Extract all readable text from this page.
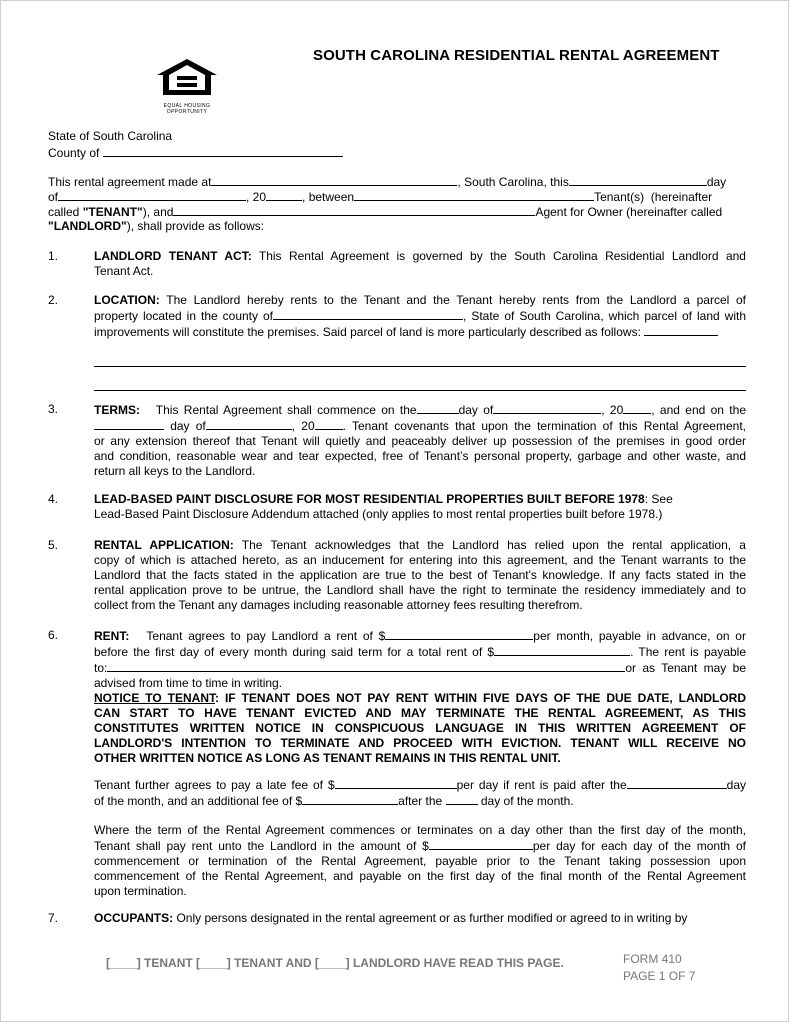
SOUTH CAROLINA RESIDENTIAL RENTAL AGREEMENT
EQUAL HOUSING
OPPORTUNITY
State of South Carolina
County of
This rental agreement made at	, South Carolina, this	day
of	, 20	, between	Tenant(s) (hereinafter
called "TENANT"), and	Agent for Owner (hereinafter called
"LANDLORD"), shall provide as follows:
1.	LANDLORD TENANT ACT: This Rental Agreement is governed by the South Carolina Residential Landlord and
Tenant Act.
2.	LOCATION: The Landlord hereby rents to the Tenant and the Tenant hereby rents from the Landlord a parcel of
property located in the county of	, State of South Carolina, which parcel of land with
improvements will constitute the premises. Said parcel of land is more particularly described as follows:
3.	TERMS: This Rental Agreement shall commence on the	day of	, 20 , and end on the
day of	, 20 . Tenant covenants that upon the termination of this Rental Agreement,
or any extension thereof that Tenant will quietly and peaceably deliver up possession of the premises in good order
and condition, reasonable wear and tear expected, free of Tenant’s personal property, garbage and other waste, and
return all keys to the Landlord.
4.	LEAD-BASED PAINT DISCLOSURE FOR MOST RESIDENTIAL PROPERTIES BUILT BEFORE 1978: See
Lead-Based Paint Disclosure Addendum attached (only applies to most rental properties built before 1978.)
5.	RENTAL APPLICATION: The Tenant acknowledges that the Landlord has relied upon the rental application, a
copy of which is attached hereto, as an inducement for entering into this agreement, and the Tenant warrants to the
Landlord that the facts stated in the application are true to the best of Tenant's knowledge. If any facts stated in the
rental application prove to be untrue, the Landlord shall have the right to terminate the residency immediately and to
collect from the Tenant any damages including reasonable attorney fees resulting therefrom.
6.	RENT: Tenant agrees to pay Landlord a rent of $	per month, payable in advance, on or
before the first day of every month during said term for a total rent of $	. The rent is payable
to:	or as Tenant may be
advised from time to time in writing.
NOTICE TO TENANT: IF TENANT DOES NOT PAY RENT WITHIN FIVE DAYS OF THE DUE DATE, LANDLORD
CAN START TO HAVE TENANT EVICTED AND MAY TERMINATE THE RENTAL AGREEMENT, AS THIS
CONSTITUTES WRITTEN NOTICE IN CONSPICUOUS LANGUAGE IN THIS WRITTEN AGREEMENT OF
LANDLORD'S INTENTION TO TERMINATE AND PROCEED WITH EVICTION. TENANT WILL RECEIVE NO
OTHER WRITTEN NOTICE AS LONG AS TENANT REMAINS IN THIS RENTAL UNIT.
Tenant further agrees to pay a late fee of $	per day if rent is paid after the	day
of the month, and an additional fee of $	after the	day of the month.
Where the term of the Rental Agreement commences or terminates on a day other than the first day of the month,
Tenant shall pay rent unto the Landlord in the amount of $	per day for each day of the month of
commencement or termination of the Rental Agreement, payable prior to the Tenant taking possession upon
commencement of the Rental Agreement, and payable on the first day of the final month of the Rental Agreement
upon termination.
7.	OCCUPANTS: Only persons designated in the rental agreement or as further modified or agreed to in writing by
[____] TENANT [____] TENANT AND [____] LANDLORD HAVE READ THIS PAGE.	FORM 410
PAGE 1 OF 7
